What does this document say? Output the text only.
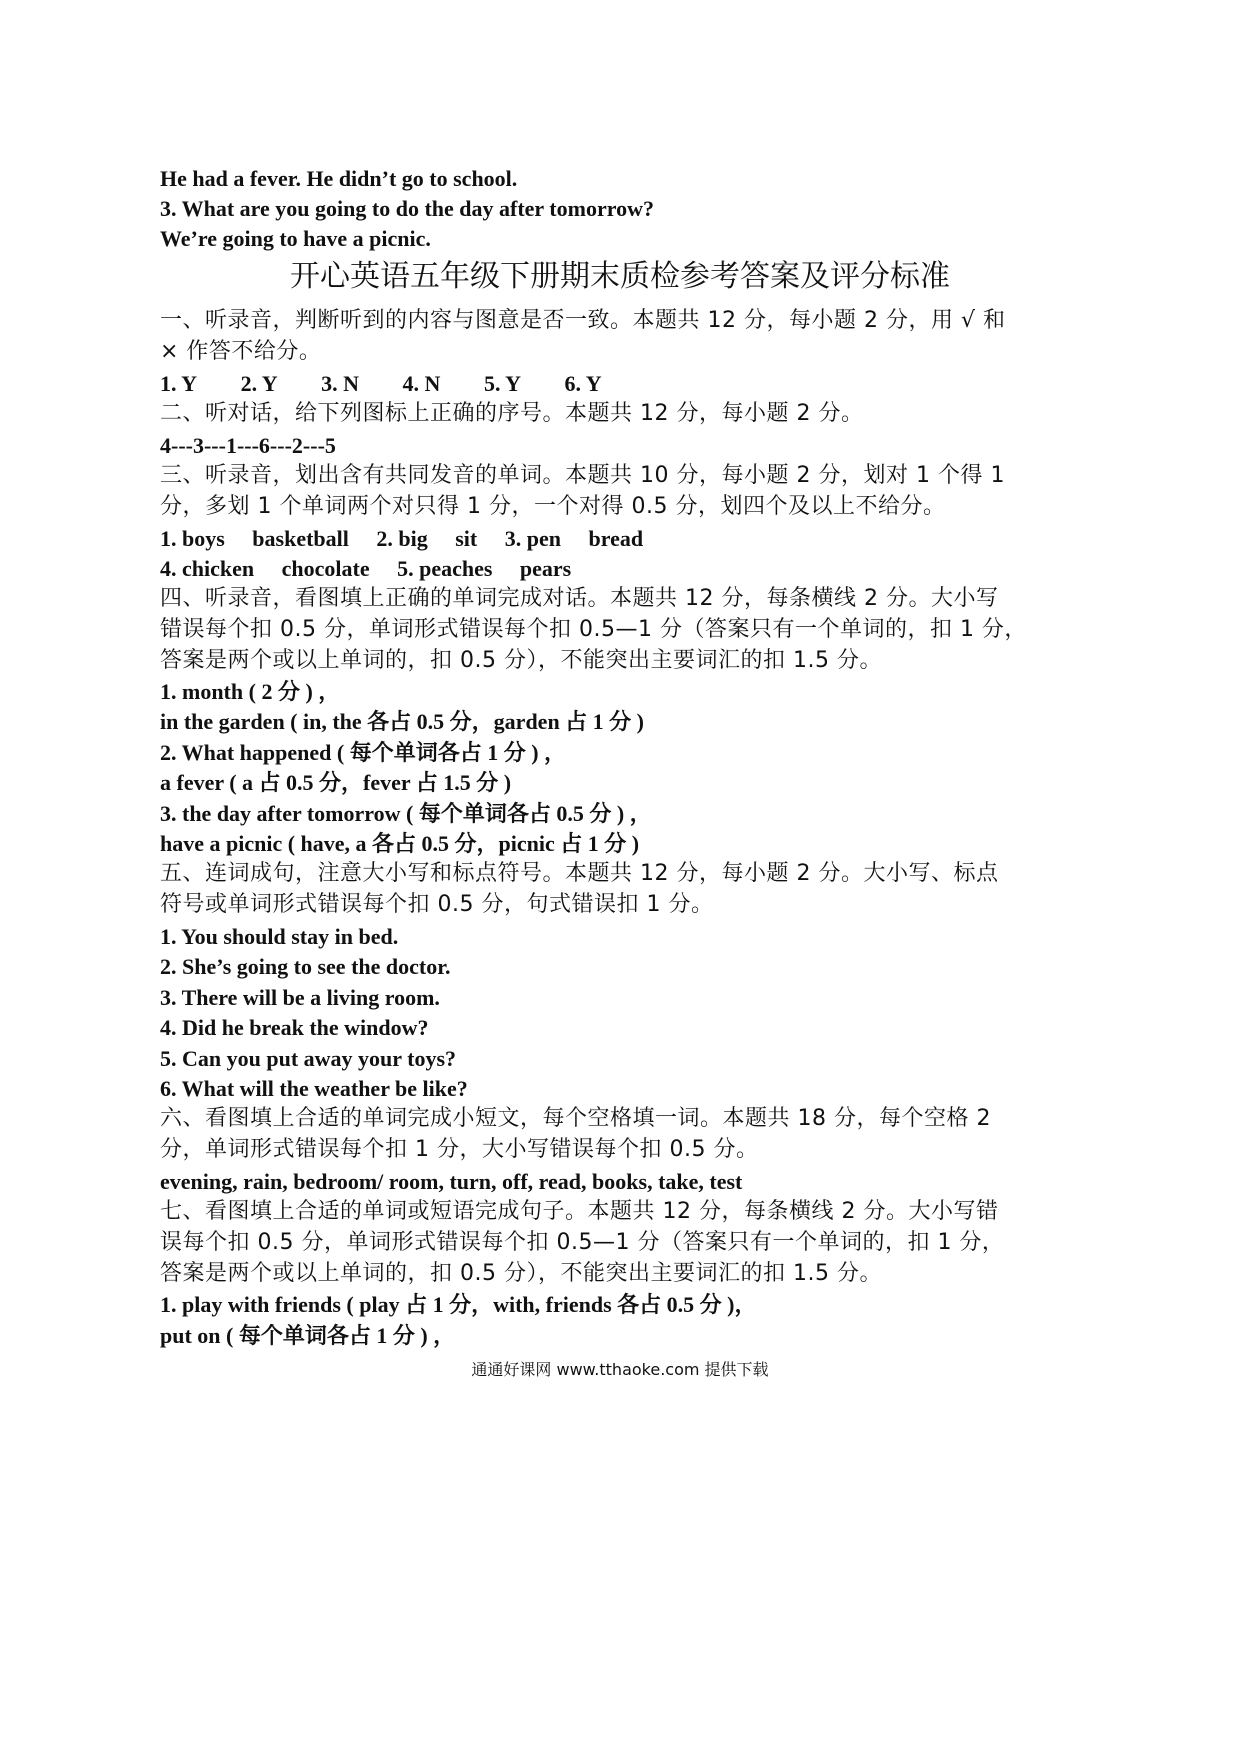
He had a fever. He didn’t go to school.
3. What are you going to do the day after tomorrow?
We’re going to have a picnic.
开心英语五年级下册期末质检参考答案及评分标准
一、听录音，判断听到的内容与图意是否一致。本题共 12 分，每小题 2 分，用 √ 和
× 作答不给分。
1. Y 2. Y 3. N 4. N 5. Y 6. Y
二、听对话，给下列图标上正确的序号。本题共 12 分，每小题 2 分。
4---3---1---6---2---5
三、听录音，划出含有共同发音的单词。本题共 10 分，每小题 2 分，划对 1 个得 1
分，多划 1 个单词两个对只得 1 分，一个对得 0.5 分，划四个及以上不给分。
1. boys basketball 2. big sit 3. pen bread
4. chicken chocolate 5. peaches pears
四、听录音，看图填上正确的单词完成对话。本题共 12 分，每条横线 2 分。大小写
错误每个扣 0.5 分，单词形式错误每个扣 0.5—1 分（答案只有一个单词的，扣 1 分，
答案是两个或以上单词的，扣 0.5 分），不能突出主要词汇的扣 1.5 分。
1. month ( 2 分 ) ，
in the garden ( in, the 各占 0.5 分，garden 占 1 分 )
2. What happened ( 每个单词各占 1 分 ) ，
a fever ( a 占 0.5 分，fever 占 1.5 分 )
3. the day after tomorrow ( 每个单词各占 0.5 分 ) ，
have a picnic ( have, a 各占 0.5 分，picnic 占 1 分 )
五、连词成句，注意大小写和标点符号。本题共 12 分，每小题 2 分。大小写、标点
符号或单词形式错误每个扣 0.5 分，句式错误扣 1 分。
1. You should stay in bed.
2. She’s going to see the doctor.
3. There will be a living room.
4. Did he break the window?
5. Can you put away your toys?
6. What will the weather be like?
六、看图填上合适的单词完成小短文，每个空格填一词。本题共 18 分，每个空格 2
分，单词形式错误每个扣 1 分，大小写错误每个扣 0.5 分。
evening, rain, bedroom/ room, turn, off, read, books, take, test
七、看图填上合适的单词或短语完成句子。本题共 12 分，每条横线 2 分。大小写错
误每个扣 0.5 分，单词形式错误每个扣 0.5—1 分（答案只有一个单词的，扣 1 分，
答案是两个或以上单词的，扣 0.5 分），不能突出主要词汇的扣 1.5 分。
1. play with friends ( play 占 1 分，with, friends 各占 0.5 分 )，
put on ( 每个单词各占 1 分 ) ，
通通好课网 www.tthaoke.com 提供下载
